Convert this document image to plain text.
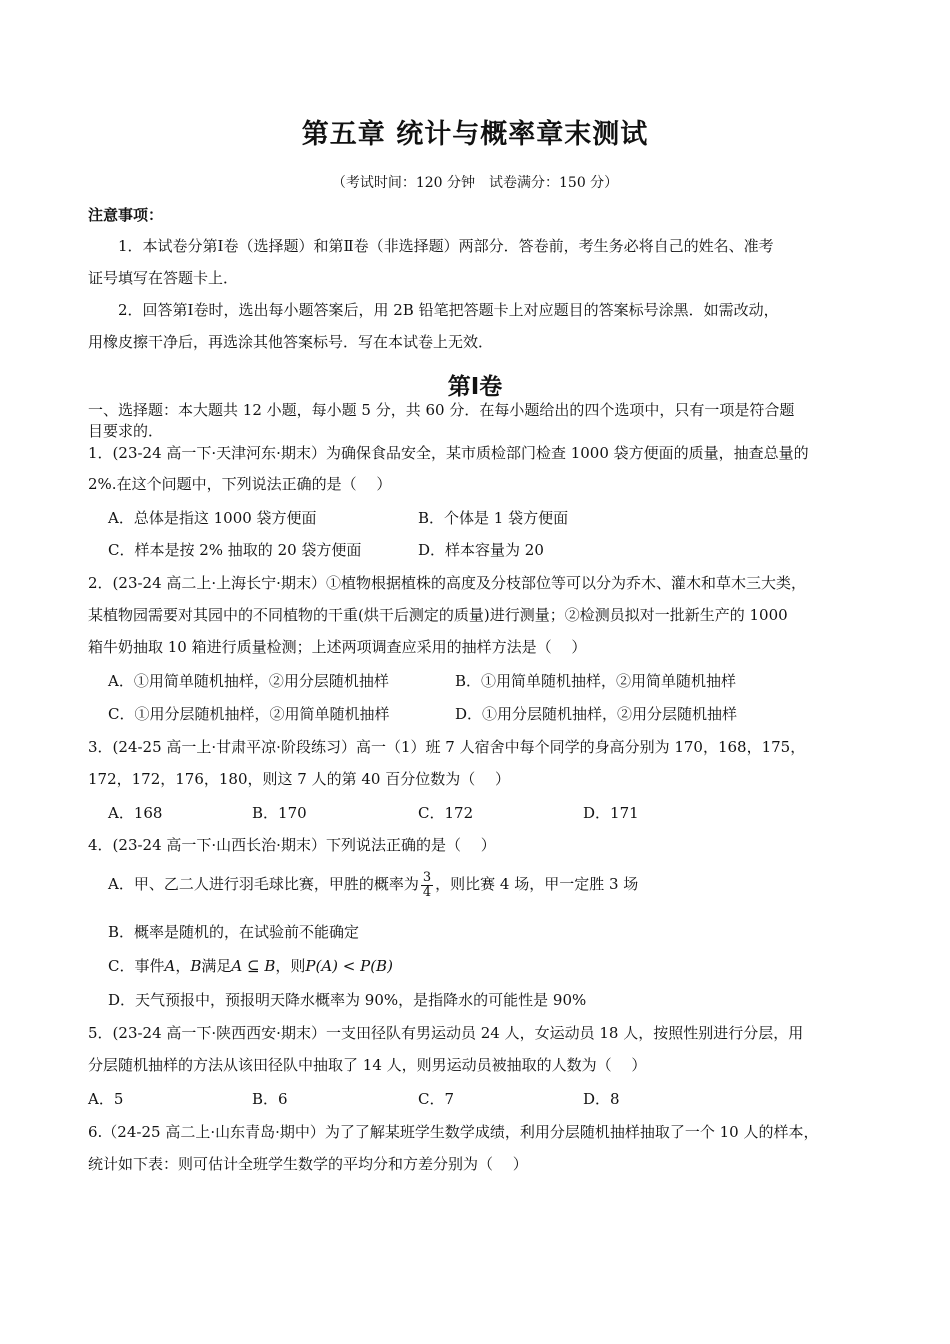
第五章 统计与概率章末测试
（考试时间：120 分钟　试卷满分：150 分）
注意事项：
1．本试卷分第Ⅰ卷（选择题）和第Ⅱ卷（非选择题）两部分．答卷前，考生务必将自己的姓名、准考
证号填写在答题卡上．
2．回答第Ⅰ卷时，选出每小题答案后，用 2B 铅笔把答题卡上对应题目的答案标号涂黑．如需改动，
用橡皮擦干净后，再选涂其他答案标号．写在本试卷上无效．
第Ⅰ卷
一、选择题：本大题共 12 小题，每小题 5 分，共 60 分．在每小题给出的四个选项中，只有一项是符合题
目要求的．
1．(23-24 高一下·天津河东·期末）为确保食品安全，某市质检部门检查 1000 袋方便面的质量，抽查总量的
2%.在这个问题中，下列说法正确的是（　 ）
A．总体是指这 1000 袋方便面	B．个体是 1 袋方便面
C．样本是按 2% 抽取的 20 袋方便面	D．样本容量为 20
2．(23-24 高二上·上海长宁·期末）①植物根据植株的高度及分枝部位等可以分为乔木、灌木和草木三大类，
某植物园需要对其园中的不同植物的干重(烘干后测定的质量)进行测量；②检测员拟对一批新生产的 1000
箱牛奶抽取 10 箱进行质量检测；上述两项调查应采用的抽样方法是（　 ）
A．①用简单随机抽样，②用分层随机抽样	B．①用简单随机抽样，②用简单随机抽样
C．①用分层随机抽样，②用简单随机抽样	D．①用分层随机抽样，②用分层随机抽样
3．(24-25 高一上·甘肃平凉·阶段练习）高一（1）班 7 人宿舍中每个同学的身高分别为 170，168，175，
172，172，176，180，则这 7 人的第 40 百分位数为（　 ）
A．168	B．170	C．172	D．171
4．(23-24 高一下·山西长治·期末）下列说法正确的是（　 ）
A．甲、乙二人进行羽毛球比赛，甲胜的概率为 $\frac{3}{4}$ ，则比赛 4 场，甲一定胜 3 场
B．概率是随机的，在试验前不能确定
C．事件A，B满足A ⊆ B，则P(A) < P(B)
D．天气预报中，预报明天降水概率为 90%，是指降水的可能性是 90%
5．(23-24 高一下·陕西西安·期末）一支田径队有男运动员 24 人，女运动员 18 人，按照性别进行分层，用
分层随机抽样的方法从该田径队中抽取了 14 人，则男运动员被抽取的人数为（　 ）
A．5	B．6	C．7	D．8
6.（24-25 高二上·山东青岛·期中）为了了解某班学生数学成绩，利用分层随机抽样抽取了一个 10 人的样本，
统计如下表：则可估计全班学生数学的平均分和方差分别为（　 ）
